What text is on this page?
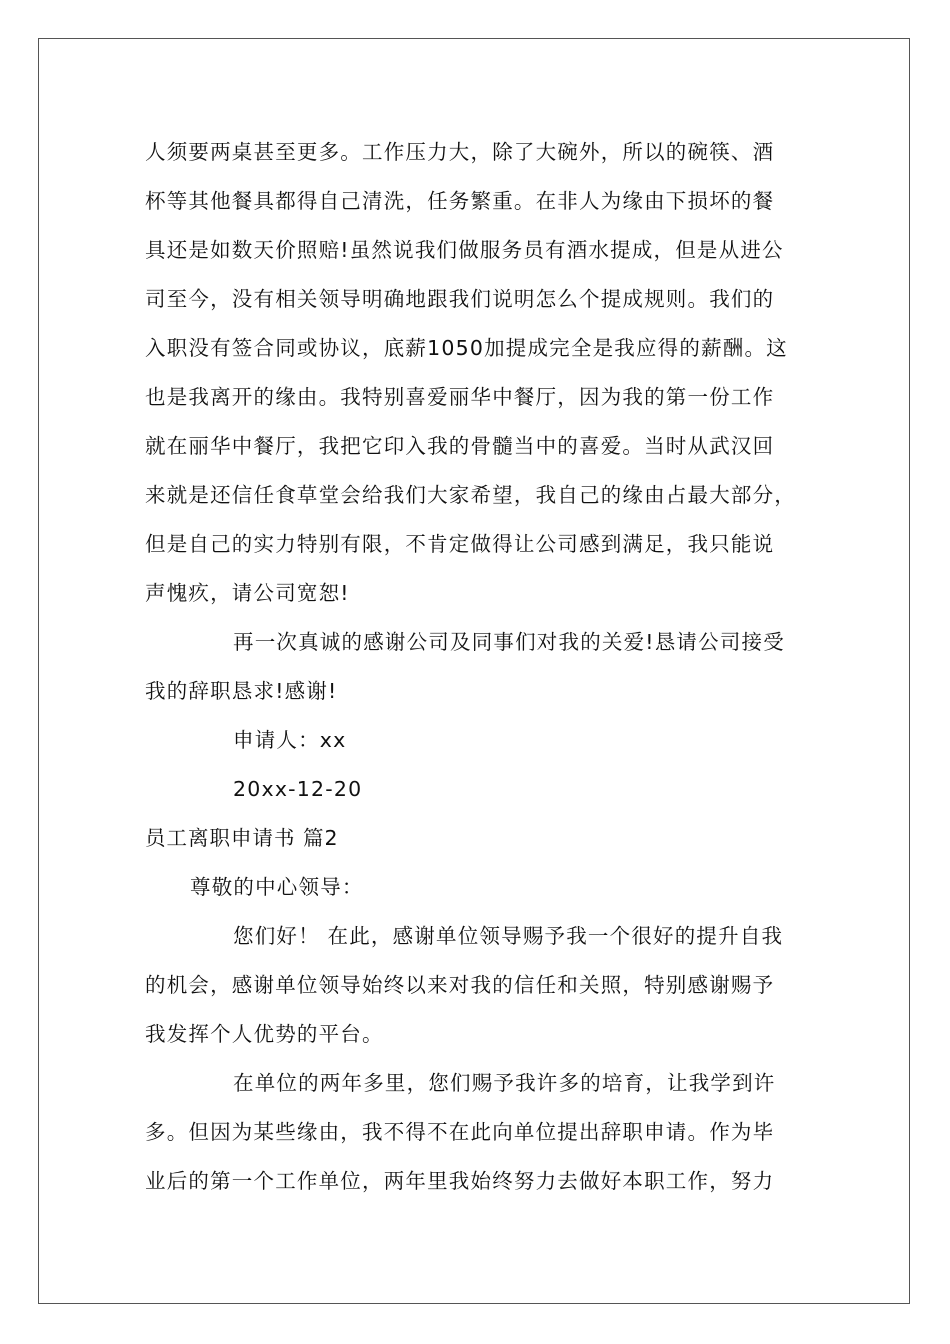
人须要两桌甚至更多。工作压力大，除了大碗外，所以的碗筷、酒
杯等其他餐具都得自己清洗，任务繁重。在非人为缘由下损坏的餐
具还是如数天价照赔!虽然说我们做服务员有酒水提成，但是从进公
司至今，没有相关领导明确地跟我们说明怎么个提成规则。我们的
入职没有签合同或协议，底薪1050加提成完全是我应得的薪酬。这
也是我离开的缘由。我特别喜爱丽华中餐厅，因为我的第一份工作
就在丽华中餐厅，我把它印入我的骨髓当中的喜爱。当时从武汉回
来就是还信任食草堂会给我们大家希望，我自己的缘由占最大部分，
但是自己的实力特别有限，不肯定做得让公司感到满足，我只能说
声愧疚，请公司宽恕!
再一次真诚的感谢公司及同事们对我的关爱!恳请公司接受
我的辞职恳求!感谢!
申请人：xx
20xx-12-20
员工离职申请书 篇2
尊敬的中心领导：
您们好！ 在此，感谢单位领导赐予我一个很好的提升自我
的机会，感谢单位领导始终以来对我的信任和关照，特别感谢赐予
我发挥个人优势的平台。
在单位的两年多里，您们赐予我许多的培育，让我学到许
多。但因为某些缘由，我不得不在此向单位提出辞职申请。作为毕
业后的第一个工作单位，两年里我始终努力去做好本职工作，努力
